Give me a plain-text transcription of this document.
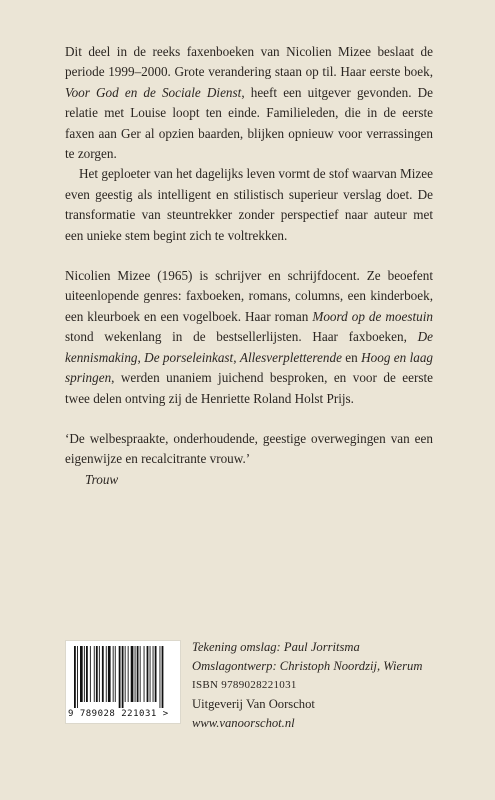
Dit deel in de reeks faxenboeken van Nicolien Mizee beslaat de periode 1999–2000. Grote verandering staan op til. Haar eerste boek, Voor God en de Sociale Dienst, heeft een uitgever gevonden. De relatie met Louise loopt ten einde. Familieleden, die in de eerste faxen aan Ger al opzien baarden, blijken opnieuw voor verrassingen te zorgen.

Het geploeter van het dagelijks leven vormt de stof waarvan Mizee even geestig als intelligent en stilistisch superieur verslag doet. De transformatie van steuntrekker zonder perspectief naar auteur met een unieke stem begint zich te voltrekken.

Nicolien Mizee (1965) is schrijver en schrijfdocent. Ze beoefent uiteenlopende genres: faxboeken, romans, columns, een kinderboek, een kleurboek en een vogelboek. Haar roman Moord op de moestuin stond wekenlang in de bestsellerlijsten. Haar faxboeken, De kennismaking, De porseleinkast, Allesverpletterende en Hoog en laag springen, werden unaniem juichend besproken, en voor de eerste twee delen ontving zij de Henriette Roland Holst Prijs.

‘De welbespraakte, onderhoudende, geestige overwegingen van een eigenwijze en recalcitrante vrouw.’

Trouw

9 789028 221031 >
Tekening omslag: Paul Jorritsma
Omslagontwerp: Christoph Noordzij, Wierum
ISBN 9789028221031
Uitgeverij Van Oorschot
www.vanoorschot.nl
